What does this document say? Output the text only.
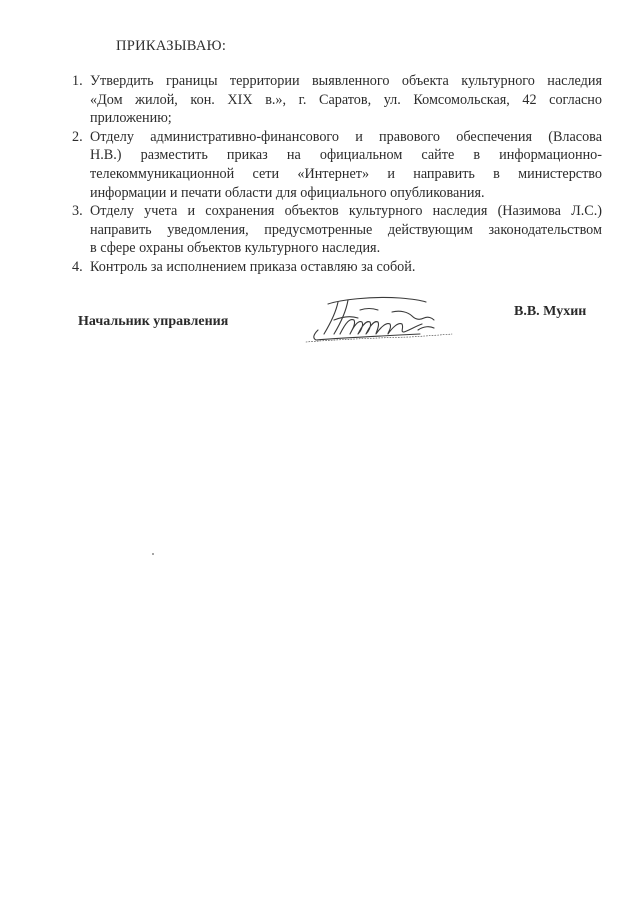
ПРИКАЗЫВАЮ:
1. Утвердить границы территории выявленного объекта культурного наследия
«Дом жилой, кон. XIX в.», г. Саратов, ул. Комсомольская, 42 согласно
приложению;
2. Отделу административно-финансового и правового обеспечения (Власова
Н.В.) разместить приказ на официальном сайте в информационно-
телекоммуникационной сети «Интернет» и направить в министерство
информации и печати области для официального опубликования.
3. Отделу учета и сохранения объектов культурного наследия (Назимова Л.С.)
направить уведомления, предусмотренные действующим законодательством
в сфере охраны объектов культурного наследия.
4. Контроль за исполнением приказа оставляю за собой.
Начальник управления
В.В. Мухин
